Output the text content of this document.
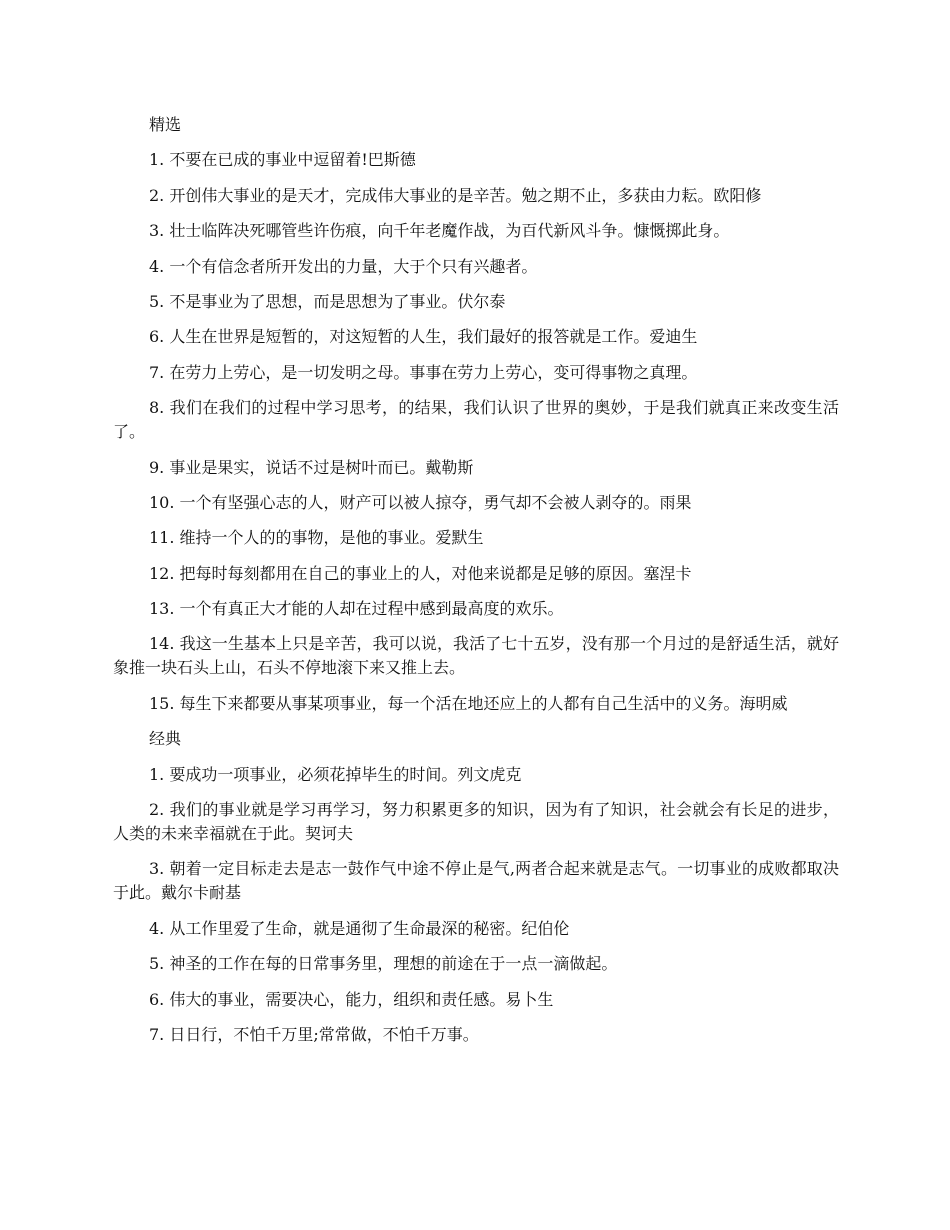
精选

1. 不要在已成的事业中逗留着!巴斯德

2. 开创伟大事业的是天才，完成伟大事业的是辛苦。勉之期不止，多获由力耘。欧阳修

3. 壮士临阵决死哪管些许伤痕，向千年老魔作战，为百代新风斗争。慷慨掷此身。

4. 一个有信念者所开发出的力量，大于个只有兴趣者。

5. 不是事业为了思想，而是思想为了事业。伏尔泰

6. 人生在世界是短暂的，对这短暂的人生，我们最好的报答就是工作。爱迪生

7. 在劳力上劳心，是一切发明之母。事事在劳力上劳心，变可得事物之真理。

8. 我们在我们的过程中学习思考，的结果，我们认识了世界的奥妙，于是我们就真正来改变生活了。

9. 事业是果实，说话不过是树叶而已。戴勒斯

10. 一个有坚强心志的人，财产可以被人掠夺，勇气却不会被人剥夺的。雨果

11. 维持一个人的的事物，是他的事业。爱默生

12. 把每时每刻都用在自己的事业上的人，对他来说都是足够的原因。塞涅卡

13. 一个有真正大才能的人却在过程中感到最高度的欢乐。

14. 我这一生基本上只是辛苦，我可以说，我活了七十五岁，没有那一个月过的是舒适生活，就好象推一块石头上山，石头不停地滚下来又推上去。

15. 每生下来都要从事某项事业，每一个活在地还应上的人都有自己生活中的义务。海明威

经典

1. 要成功一项事业，必须花掉毕生的时间。列文虎克

2. 我们的事业就是学习再学习，努力积累更多的知识，因为有了知识，社会就会有长足的进步，人类的未来幸福就在于此。契诃夫

3. 朝着一定目标走去是志一鼓作气中途不停止是气,两者合起来就是志气。一切事业的成败都取决于此。戴尔卡耐基

4. 从工作里爱了生命，就是通彻了生命最深的秘密。纪伯伦

5. 神圣的工作在每的日常事务里，理想的前途在于一点一滴做起。

6. 伟大的事业，需要决心，能力，组织和责任感。易卜生

7. 日日行，不怕千万里;常常做，不怕千万事。
